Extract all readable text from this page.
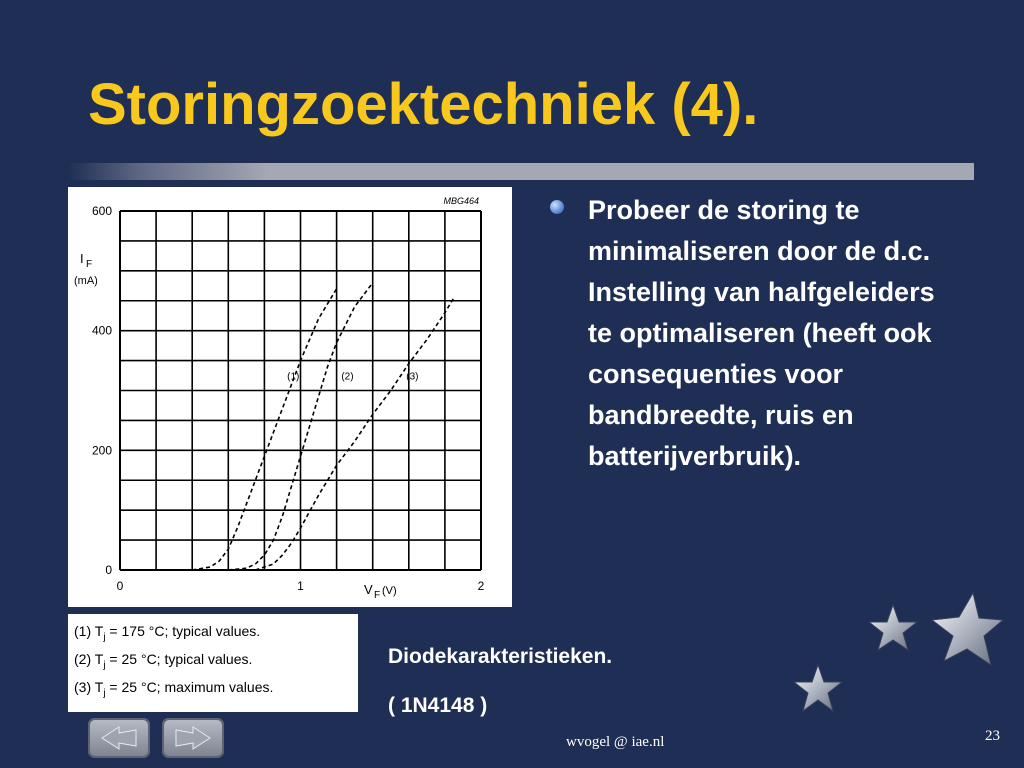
Storingzoektechniek (4).
0
200
400
600
0	1	2
I F
(mA)
V F (V)
MBG464
(1)	(2)	(3)
(1) $T_j = 175$ °C; typical values.
(2) $T_j = 25$ °C; typical values.
(3) $T_j = 25$ °C; maximum values.
Probeer de storing te minimaliseren door de d.c. Instelling van halfgeleiders te optimaliseren (heeft ook consequenties voor bandbreedte, ruis en batterijverbruik).
Diodekarakteristieken.
( 1N4148 )
wvogel @ iae.nl	23
